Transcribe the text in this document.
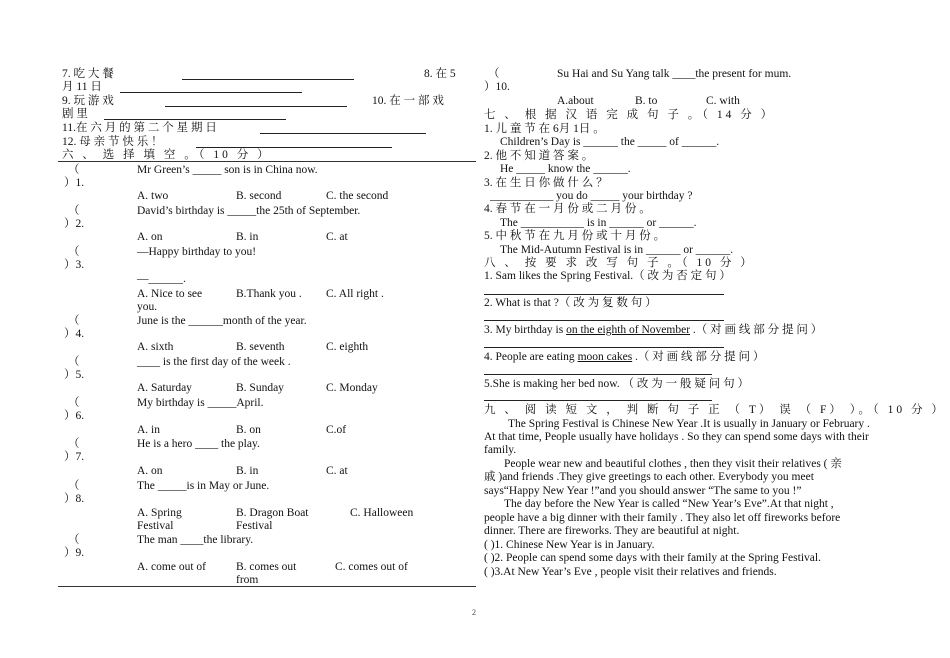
7. 吃 大 餐	8. 在 5
月 11 日
9. 玩 游 戏	10. 在 一 部 戏
剧 里
11.在 六 月 的 第 二 个 星 期 日
12. 母 亲 节 快 乐 ！
六 、 选 择 填 空 。（ 10 分 ）
（	Mr Green’s _____ son is in China now.
）1.
A. two	B. second	C. the second
（	David’s birthday is _____the 25th of September.
）2.
A. on	B. in	C. at
（	—Happy birthday to you!
）3.
—______.
A. Nice to see
you.
B.Thank you . C. All right .
（	June is the ______month of the year.
）4.
A. sixth	B. seventh	C. eighth
（	____ is the first day of the week .
）5.
A. Saturday	B. Sunday	C. Monday
（	My birthday is _____April.
）6.
A. in	B. on	C.of
（	He is a hero ____ the play.
）7.
A. on	B. in	C. at
（	The _____is in May or June.
）8.
A. Spring
Festival
B. Dragon Boat
Festival
C. Halloween
（	The man ____the library.
）9.
A. come out of	B. comes out
from
C. comes out of
（	Su Hai and Su Yang talk ____the present for mum.
）10.
A.about	B. to	C. with
七 、 根 据 汉 语 完 成 句 子 。（ 14 分 ）
1. 儿 童 节 在 6月 1日 。
Children’s Day is ______ the _____ of ______.
2. 他 不 知 道 答 案 。
He _____ know the ______.
3. 在 生 日 你 做 什 么 ？
___________ you do _____ your birthday ?
4. 春 节 在 一 月 份 或 二 月 份 。
The ___________ is in ______ or ______.
5. 中 秋 节 在 九 月 份 或 十 月 份 。
The Mid-Autumn Festival is in ______ or ______.
八 、 按 要 求 改 写 句 子 。（ 10 分 ）
1. Sam likes the Spring Festival.（ 改 为 否 定 句 ）
2. What is that ?（ 改 为 复 数 句 ）
3. My birthday is on the eighth of November .（ 对 画 线 部 分 提 问 ）
4. People are eating moon cakes .（ 对 画 线 部 分 提 问 ）
5.She is making her bed now. （ 改 为 一 般 疑 问 句 ）
九 、 阅 读 短 文 ， 判 断 句 子 正 （ T） 误 （ F） ）。（ 10 分 ）
The Spring Festival is Chinese New Year .It is usually in January or February .
At that time, People usually have holidays . So they can spend some days with their
family.
People wear new and beautiful clothes , then they visit their relatives ( 亲
戚 )and friends .They give greetings to each other. Everybody you meet
says“Happy New Year !”and you should answer “The same to you !”
The day before the New Year is called “New Year’s Eve”.At that night ,
people have a big dinner with their family . They also let off fireworks before
dinner. There are fireworks. They are beautiful at night.
( )1. Chinese New Year is in January.
( )2. People can spend some days with their family at the Spring Festival.
( )3.At New Year’s Eve , people visit their relatives and friends.
2
